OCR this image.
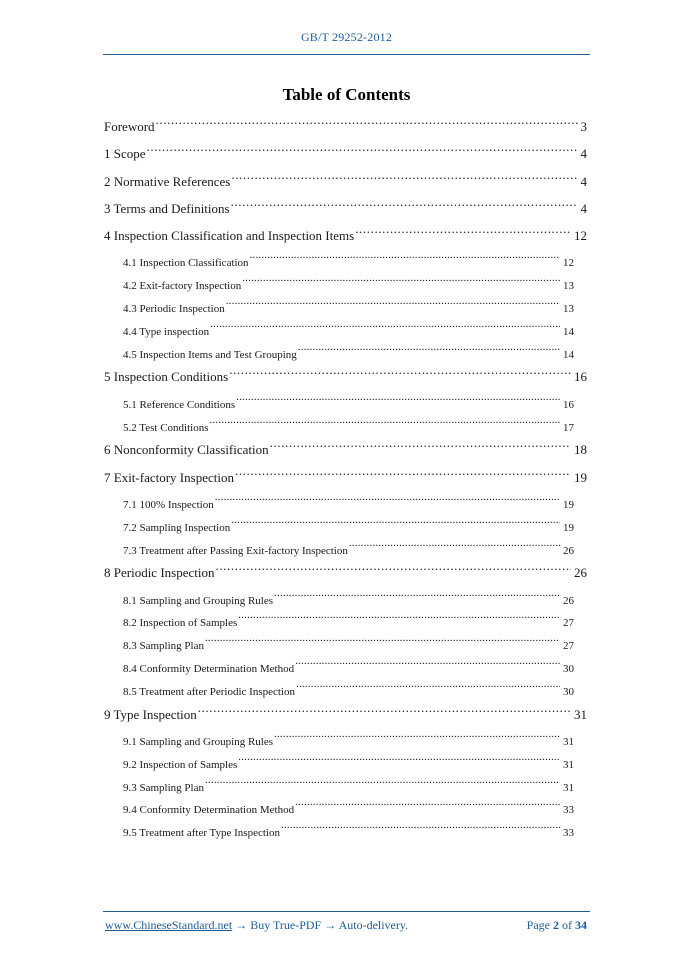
GB/T 29252-2012
Table of Contents
Foreword .....	3
1 Scope .....	4
2 Normative References .....	4
3 Terms and Definitions .....	4
4 Inspection Classification and Inspection Items .....	12
4.1 Inspection Classification .....	12
4.2 Exit-factory Inspection .....	13
4.3 Periodic Inspection .....	13
4.4 Type inspection .....	14
4.5 Inspection Items and Test Grouping .....	14
5 Inspection Conditions .....	16
5.1 Reference Conditions .....	16
5.2 Test Conditions .....	17
6 Nonconformity Classification .....	18
7 Exit-factory Inspection .....	19
7.1 100% Inspection .....	19
7.2 Sampling Inspection .....	19
7.3 Treatment after Passing Exit-factory Inspection .....	26
8 Periodic Inspection .....	26
8.1 Sampling and Grouping Rules .....	26
8.2 Inspection of Samples .....	27
8.3 Sampling Plan .....	27
8.4 Conformity Determination Method .....	30
8.5 Treatment after Periodic Inspection .....	30
9 Type Inspection .....	31
9.1 Sampling and Grouping Rules .....	31
9.2 Inspection of Samples .....	31
9.3 Sampling Plan .....	31
9.4 Conformity Determination Method .....	33
9.5 Treatment after Type Inspection .....	33
www.ChineseStandard.net → Buy True-PDF → Auto-delivery.	Page 2 of 34
